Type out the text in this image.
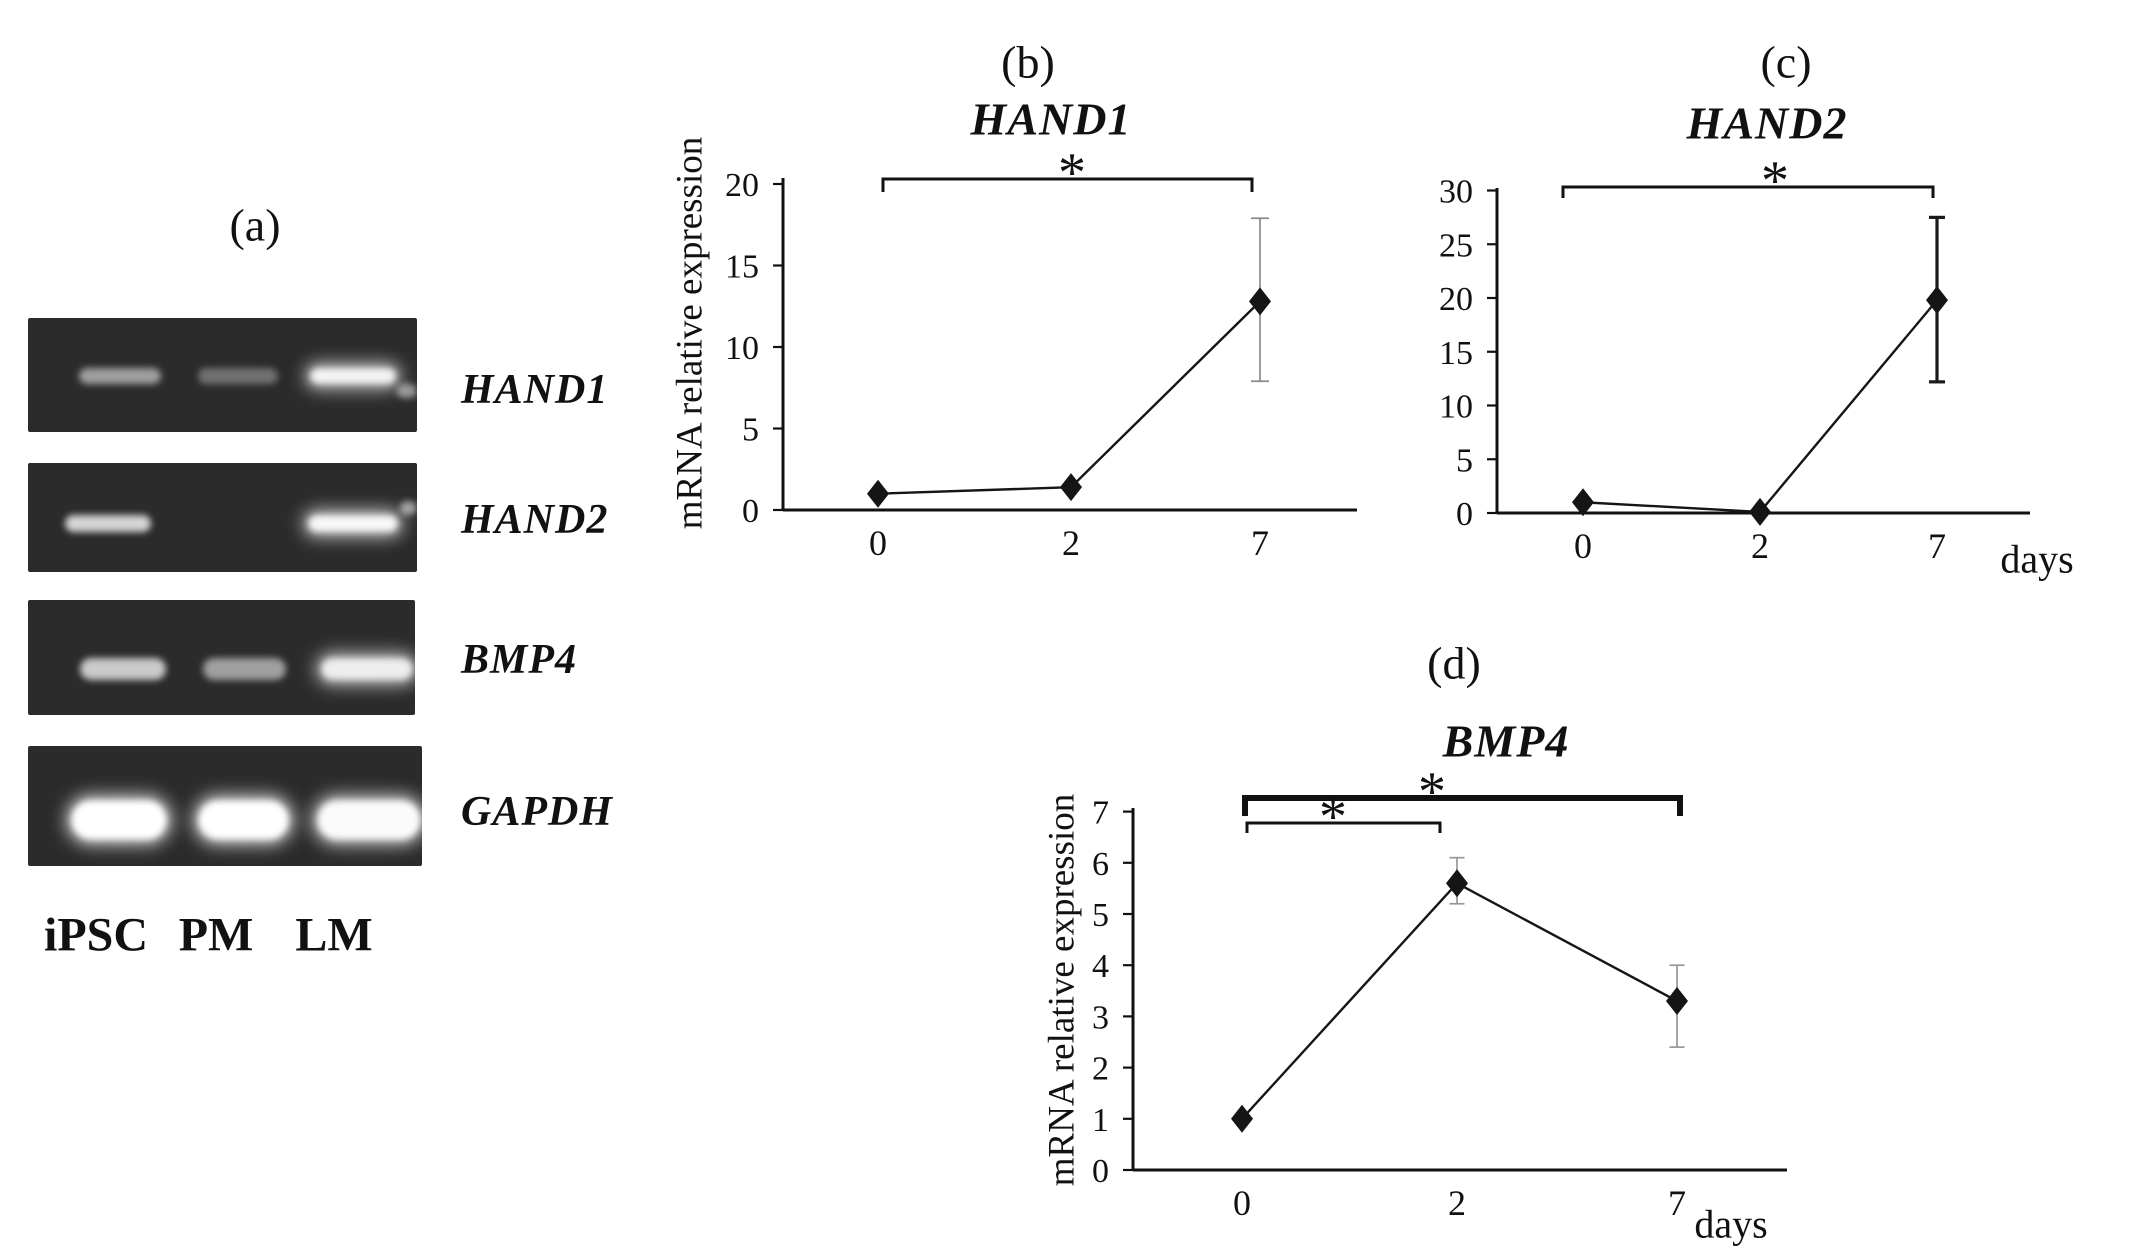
0
5
10
15
20
0	2	7
*
0
5
10
15
20
25
30
0	2	7
*
0
1
2
3
4
5
6
7
0	2	7
*
*
(a)
(b)	(c)
(d)
HAND1	HAND2
BMP4
mRNA relative expression
mRNA relative expression
days
days
HAND1
HAND2
BMP4
GAPDH
iPSC PM LM
